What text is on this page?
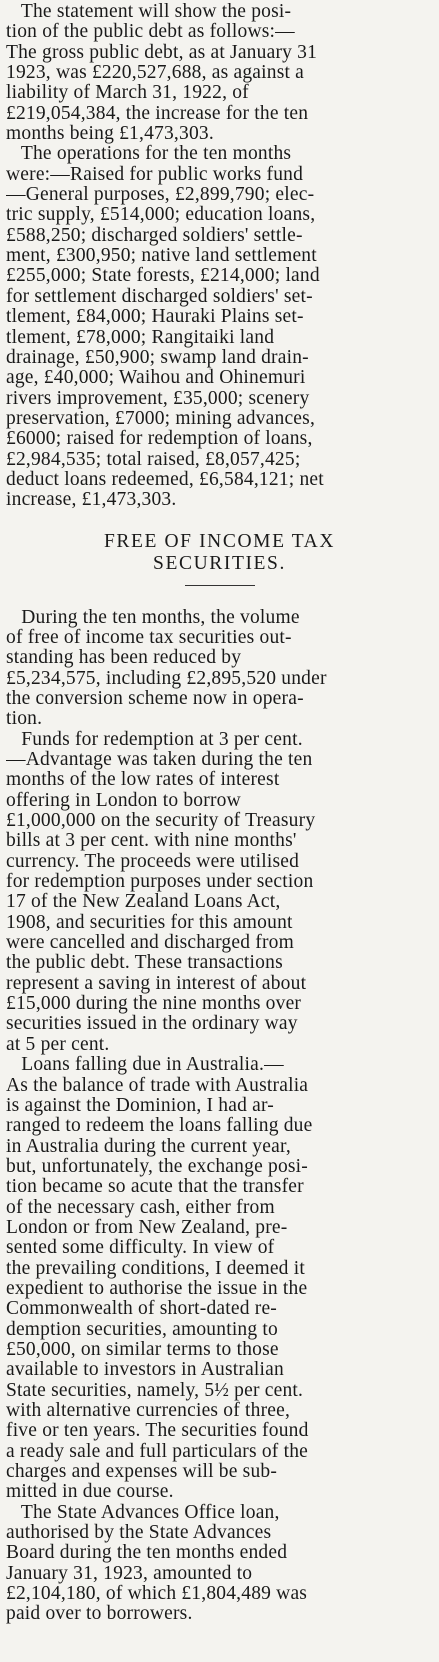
The statement will show the posi-
tion of the public debt as follows:—
The gross public debt, as at January 31
1923, was £220,527,688, as against a
liability of March 31, 1922, of
£219,054,384, the increase for the ten
months being £1,473,303.
The operations for the ten months
were:—Raised for public works fund
—General purposes, £2,899,790; elec-
tric supply, £514,000; education loans,
£588,250; discharged soldiers' settle-
ment, £300,950; native land settlement
£255,000; State forests, £214,000; land
for settlement discharged soldiers' set-
tlement, £84,000; Hauraki Plains set-
tlement, £78,000; Rangitaiki land
drainage, £50,900; swamp land drain-
age, £40,000; Waihou and Ohinemuri
rivers improvement, £35,000; scenery
preservation, £7000; mining advances,
£6000; raised for redemption of loans,
£2,984,535; total raised, £8,057,425;
deduct loans redeemed, £6,584,121; net
increase, £1,473,303.
FREE OF INCOME TAX
SECURITIES.
During the ten months, the volume
of free of income tax securities out-
standing has been reduced by
£5,234,575, including £2,895,520 under
the conversion scheme now in opera-
tion.
Funds for redemption at 3 per cent.
—Advantage was taken during the ten
months of the low rates of interest
offering in London to borrow
£1,000,000 on the security of Treasury
bills at 3 per cent. with nine months'
currency. The proceeds were utilised
for redemption purposes under section
17 of the New Zealand Loans Act,
1908, and securities for this amount
were cancelled and discharged from
the public debt. These transactions
represent a saving in interest of about
£15,000 during the nine months over
securities issued in the ordinary way
at 5 per cent.
Loans falling due in Australia.—
As the balance of trade with Australia
is against the Dominion, I had ar-
ranged to redeem the loans falling due
in Australia during the current year,
but, unfortunately, the exchange posi-
tion became so acute that the transfer
of the necessary cash, either from
London or from New Zealand, pre-
sented some difficulty. In view of
the prevailing conditions, I deemed it
expedient to authorise the issue in the
Commonwealth of short-dated re-
demption securities, amounting to
£50,000, on similar terms to those
available to investors in Australian
State securities, namely, 5½ per cent.
with alternative currencies of three,
five or ten years. The securities found
a ready sale and full particulars of the
charges and expenses will be sub-
mitted in due course.
The State Advances Office loan,
authorised by the State Advances
Board during the ten months ended
January 31, 1923, amounted to
£2,104,180, of which £1,804,489 was
paid over to borrowers.
